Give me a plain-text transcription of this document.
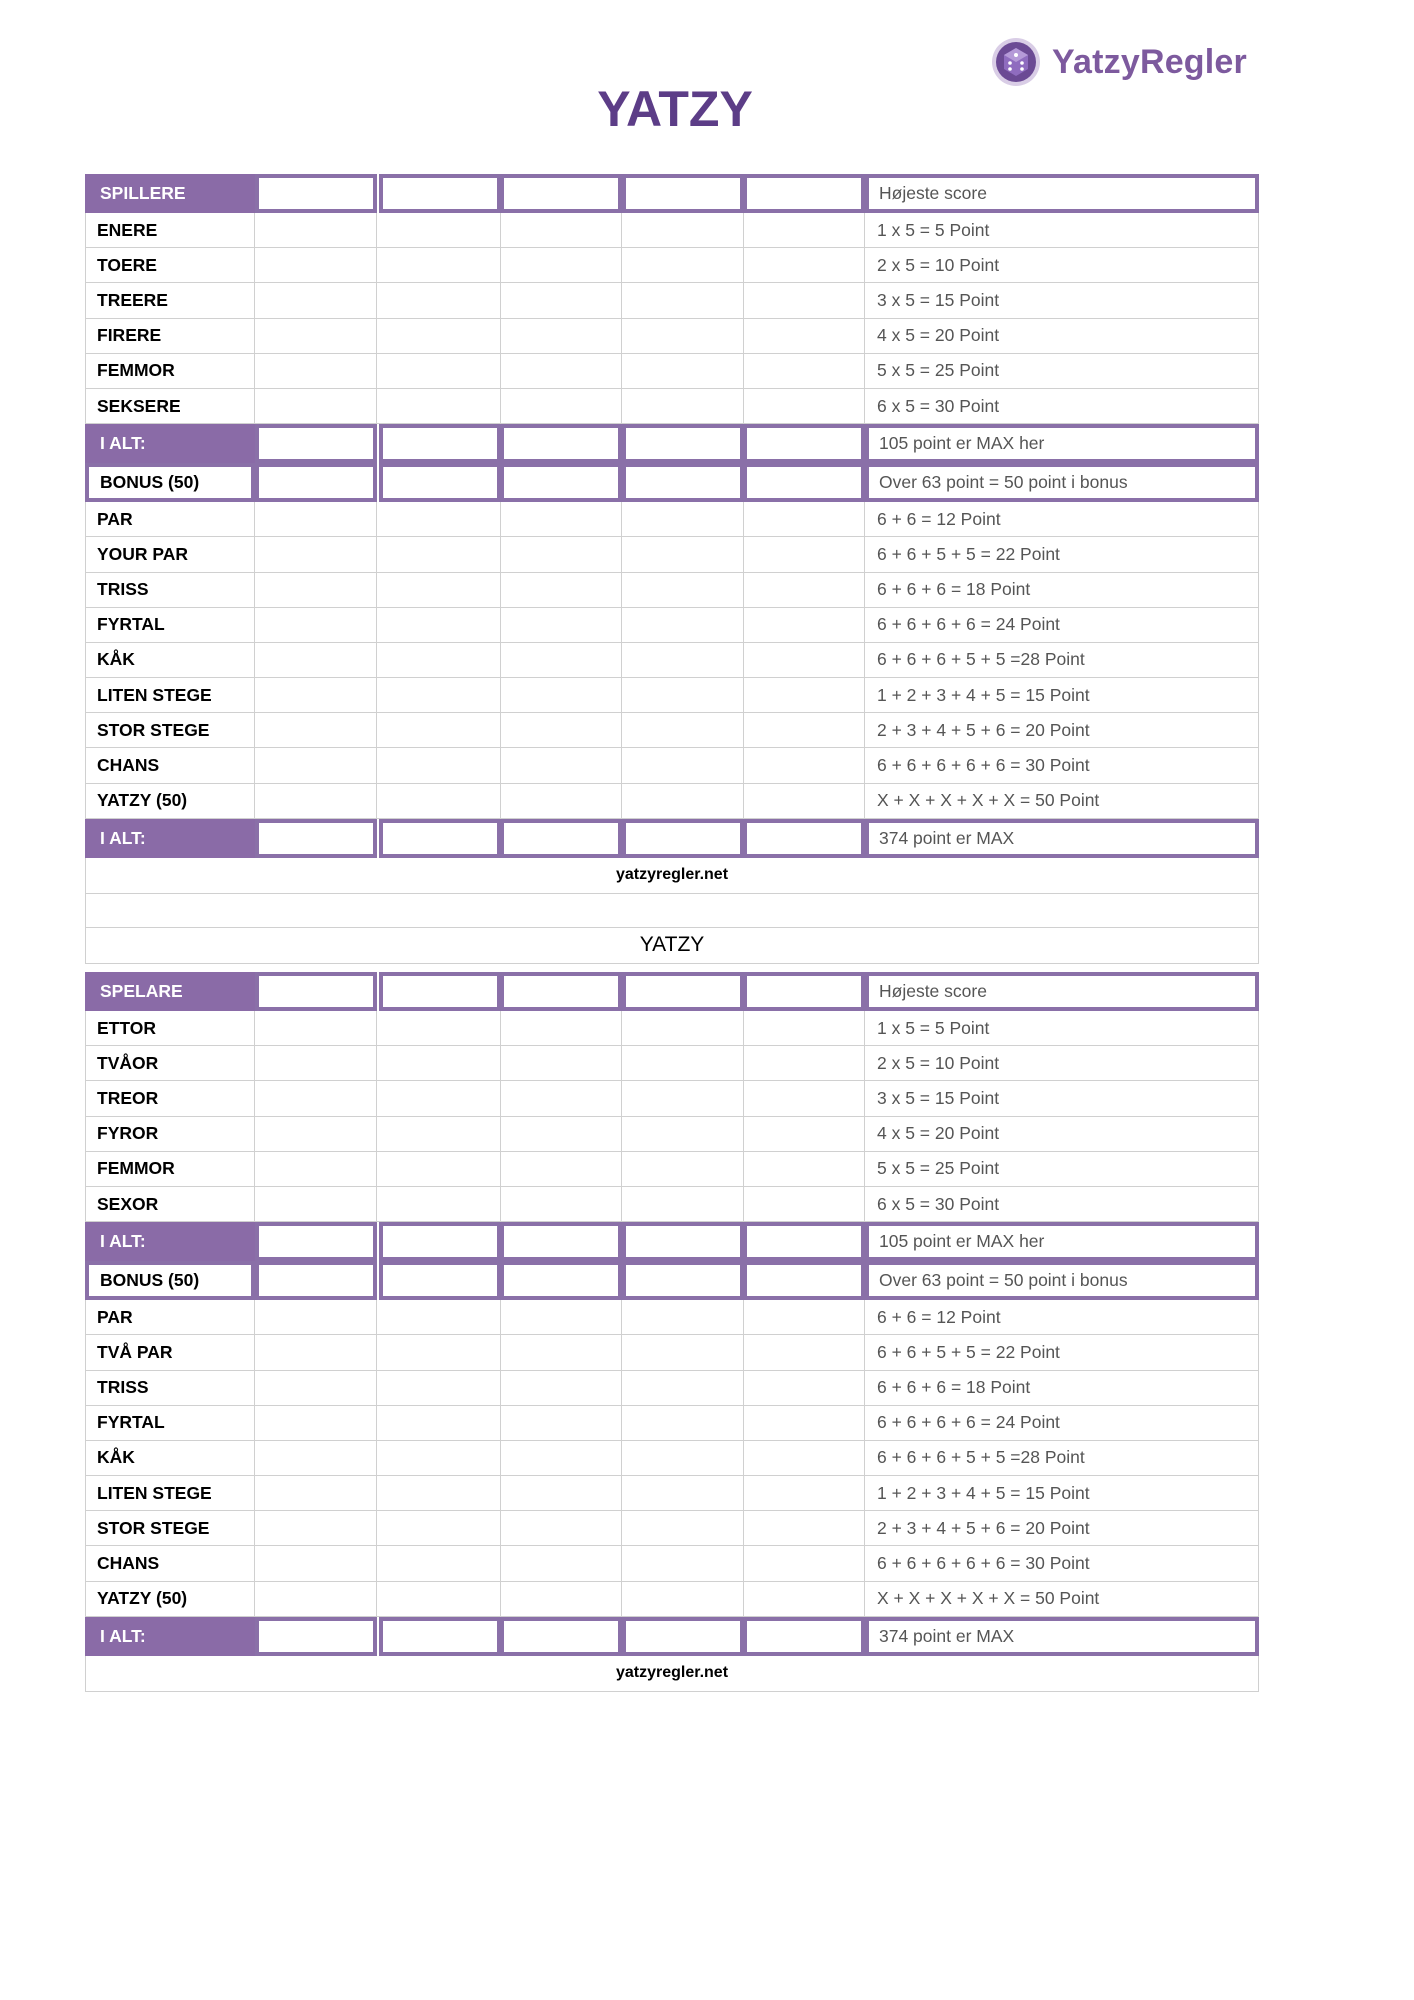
YatzyRegler
YATZY
SPILLERE	Højeste score
ENERE	1 x 5 = 5 Point
TOERE	2 x 5 = 10 Point
TREERE	3 x 5 = 15 Point
FIRERE	4 x 5 = 20 Point
FEMMOR	5 x 5 = 25 Point
SEKSERE	6 x 5 = 30 Point
I ALT:	105 point er MAX her
BONUS (50)	Over 63 point = 50 point i bonus
PAR	6 + 6 = 12 Point
YOUR PAR	6 + 6 + 5 + 5 = 22 Point
TRISS	6 + 6 + 6 = 18 Point
FYRTAL	6 + 6 + 6 + 6 = 24 Point
KÅK	6 + 6 + 6 + 5 + 5 =28 Point
LITEN STEGE	1 + 2 + 3 + 4 + 5 = 15 Point
STOR STEGE	2 + 3 + 4 + 5 + 6 = 20 Point
CHANS	6 + 6 + 6 + 6 + 6 = 30 Point
YATZY (50)	X + X + X + X + X = 50 Point
I ALT:	374 point er MAX
yatzyregler.net
YATZY
SPELARE	Højeste score
ETTOR	1 x 5 = 5 Point
TVÅOR	2 x 5 = 10 Point
TREOR	3 x 5 = 15 Point
FYROR	4 x 5 = 20 Point
FEMMOR	5 x 5 = 25 Point
SEXOR	6 x 5 = 30 Point
I ALT:	105 point er MAX her
BONUS (50)	Over 63 point = 50 point i bonus
PAR	6 + 6 = 12 Point
TVÅ PAR	6 + 6 + 5 + 5 = 22 Point
TRISS	6 + 6 + 6 = 18 Point
FYRTAL	6 + 6 + 6 + 6 = 24 Point
KÅK	6 + 6 + 6 + 5 + 5 =28 Point
LITEN STEGE	1 + 2 + 3 + 4 + 5 = 15 Point
STOR STEGE	2 + 3 + 4 + 5 + 6 = 20 Point
CHANS	6 + 6 + 6 + 6 + 6 = 30 Point
YATZY (50)	X + X + X + X + X = 50 Point
I ALT:	374 point er MAX
yatzyregler.net
